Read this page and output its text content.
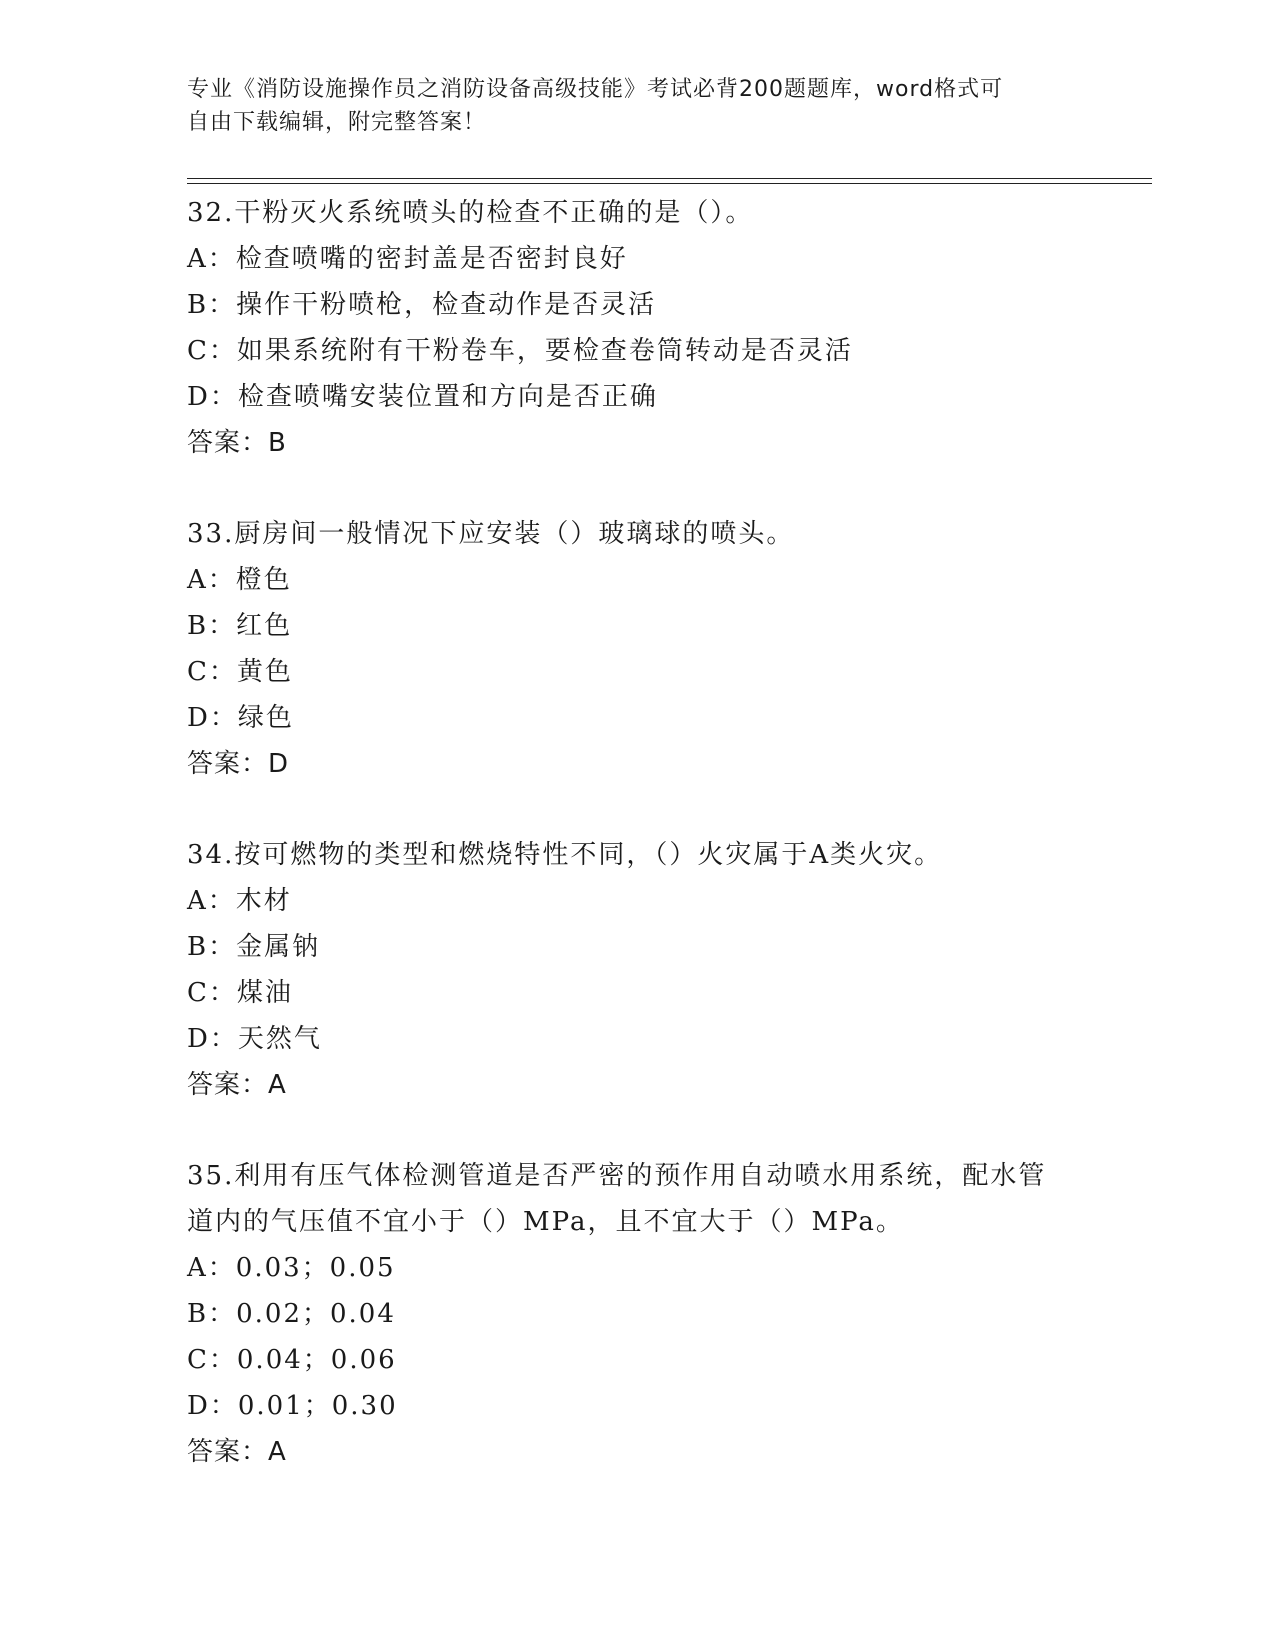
专业《消防设施操作员之消防设备高级技能》考试必背200题题库，word格式可
自由下载编辑，附完整答案！
32.干粉灭火系统喷头的检查不正确的是（）。
A：检查喷嘴的密封盖是否密封良好
B：操作干粉喷枪，检查动作是否灵活
C：如果系统附有干粉卷车，要检查卷筒转动是否灵活
D：检查喷嘴安装位置和方向是否正确
答案：B
33.厨房间一般情况下应安装（）玻璃球的喷头。
A：橙色
B：红色
C：黄色
D：绿色
答案：D
34.按可燃物的类型和燃烧特性不同，（）火灾属于A类火灾。
A：木材
B：金属钠
C：煤油
D：天然气
答案：A
35.利用有压气体检测管道是否严密的预作用自动喷水用系统，配水管
道内的气压值不宜小于（）MPa，且不宜大于（）MPa。
A：0.03；0.05
B：0.02；0.04
C：0.04；0.06
D：0.01；0.30
答案：A
